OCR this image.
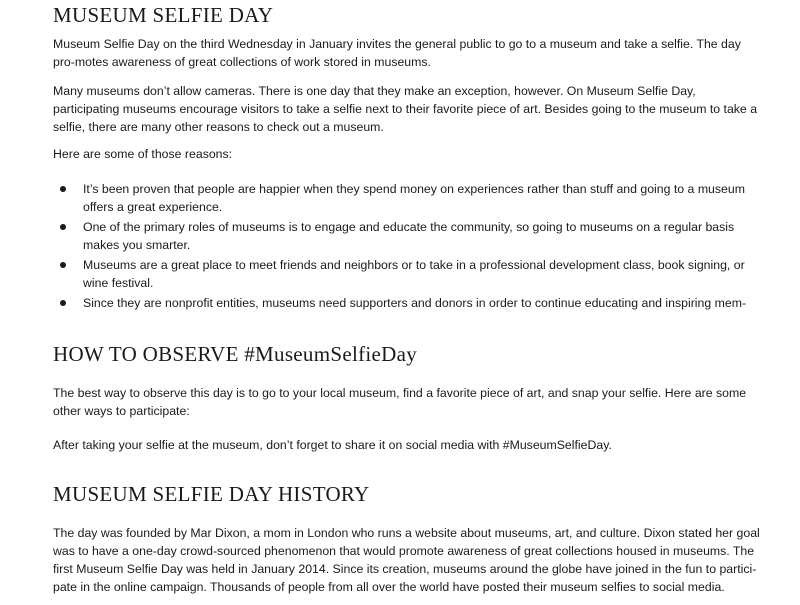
MUSEUM SELFIE DAY

Museum Selfie Day on the third Wednesday in January invites the general public to go to a museum and take a selfie. The day pro-motes awareness of great collections of work stored in museums.

Many museums don’t allow cameras. There is one day that they make an exception, however. On Museum Selfie Day, participating museums encourage visitors to take a selfie next to their favorite piece of art. Besides going to the museum to take a selfie, there are many other reasons to check out a museum.

Here are some of those reasons:

It’s been proven that people are happier when they spend money on experiences rather than stuff and going to a museum offers a great experience.
One of the primary roles of museums is to engage and educate the community, so going to museums on a regular basis makes you smarter.
Museums are a great place to meet friends and neighbors or to take in a professional development class, book signing, or wine festival.
Since they are nonprofit entities, museums need supporters and donors in order to continue educating and inspiring mem-
HOW TO OBSERVE #MuseumSelfieDay

The best way to observe this day is to go to your local museum, find a favorite piece of art, and snap your selfie. Here are some other ways to participate:

After taking your selfie at the museum, don’t forget to share it on social media with #MuseumSelfieDay.

MUSEUM SELFIE DAY HISTORY

The day was founded by Mar Dixon, a mom in London who runs a website about museums, art, and culture. Dixon stated her goal was to have a one-day crowd-sourced phenomenon that would promote awareness of great collections housed in museums. The first Museum Selfie Day was held in January 2014. Since its creation, museums around the globe have joined in the fun to partici-pate in the online campaign. Thousands of people from all over the world have posted their museum selfies to social media.
